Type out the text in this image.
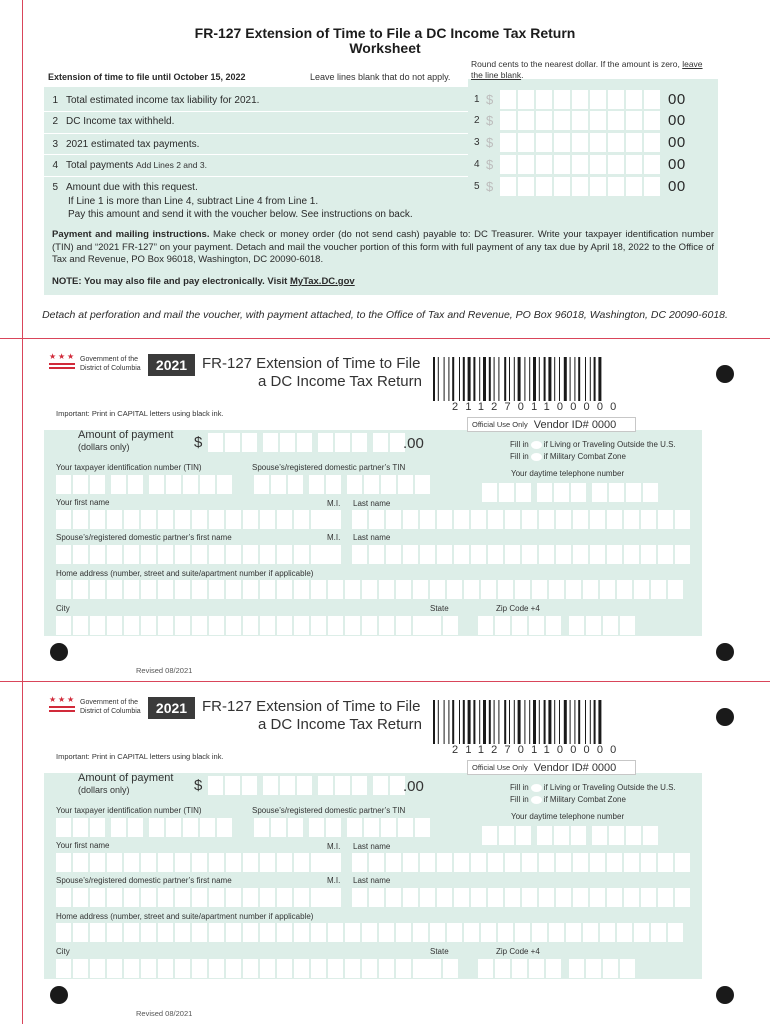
FR-127 Extension of Time to File a DC Income Tax Return
Worksheet
Round cents to the nearest dollar. If the amount is zero, leave
the line blank.
Extension of time to file until October 15, 2022	Leave lines blank that do not apply.
1 Total estimated income tax liability for 2021.
2 DC Income tax withheld.
3 2021 estimated tax payments.
4 Total payments
Add Lines 2 and 3.
5 Amount due with this request.
If Line 1 is more than Line 4, subtract Line 4 from Line 1.
Pay this amount and send it with the voucher below. See instructions on back.
1 $	00
2 $	00
3 $	00
4 $	00
5 $	00
Payment and mailing instructions. Make check or money order (do not send cash) payable to: DC Treasurer. Write your taxpayer identification number (TIN) and “2021 FR-127” on your payment. Detach and mail the voucher portion of this form with full payment of any tax due by April 18, 2022 to the Office of Tax and Revenue, PO Box 96018, Washington, DC 20090-6018.
NOTE: You may also file and pay electronically. Visit MyTax.DC.gov
Detach at perforation and mail the voucher, with payment attached, to the Office of Tax and Revenue, PO Box 96018, Washington, DC 20090-6018.
★ ★ ★ Government of the
District of Columbia	2021 FR-127 Extension of Time to File
a DC Income Tax Return
2112701100000
Important: Print in CAPITAL letters using black ink.
Official Use Only Vendor ID# 0000
Amount of payment
(dollars only)	$	.00	Fill in if Living or Traveling Outside the U.S.
Fill in if Military Combat Zone
Your taxpayer identification number (TIN)	Spouse’s/registered domestic partner’s TIN
Your daytime telephone number
Your first name	M.I. Last name
Spouse’s/registered domestic partner’s first name	M.I. Last name
Home address (number, street and suite/apartment number if applicable)
City	State	Zip Code +4
Revised 08/2021
★ ★ ★ Government of the
District of Columbia	2021 FR-127 Extension of Time to File
a DC Income Tax Return
2112701100000
Important: Print in CAPITAL letters using black ink.
Official Use Only Vendor ID# 0000
Amount of payment
(dollars only)	$	.00	Fill in if Living or Traveling Outside the U.S.
Fill in if Military Combat Zone
Your taxpayer identification number (TIN)	Spouse’s/registered domestic partner’s TIN
Your daytime telephone number
Your first name	M.I. Last name
Spouse’s/registered domestic partner’s first name	M.I. Last name
Home address (number, street and suite/apartment number if applicable)
City	State	Zip Code +4
Revised 08/2021
